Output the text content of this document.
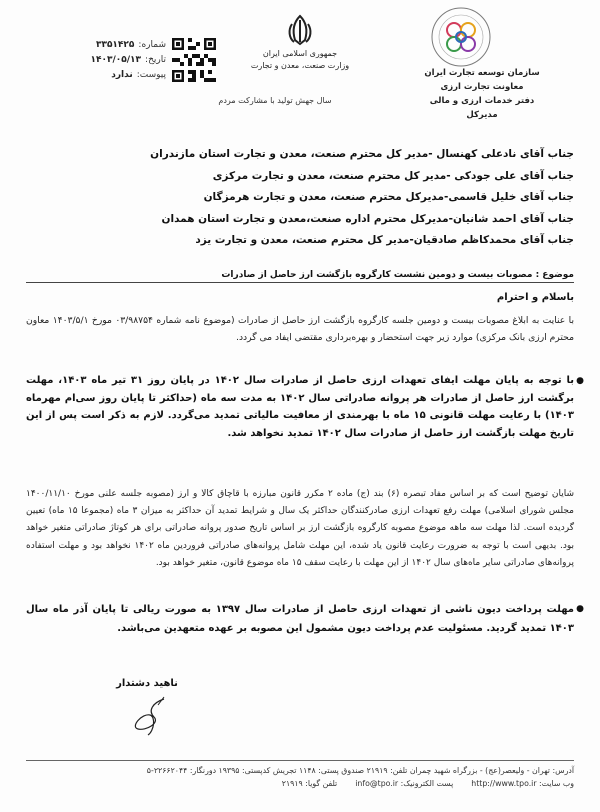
شماره:
۳۳۵۱۴۲۵
تاریخ:
۱۴۰۳/۰۵/۱۳
پیوست:
ندارد
جمهوری اسلامی ایران
وزارت صنعت، معدن و تجارت
سازمان توسعه تجارت ایران
معاونت تجارت ارزی
دفتر خدمات ارزی و مالی
مدیرکل
سال جهش تولید با مشارکت مردم
جناب آقای نادعلی کهنسال -مدیر کل محترم صنعت، معدن و تجارت استان مازندران
جناب آقای علی جودکی -مدیر کل محترم صنعت، معدن و تجارت مرکزی
جناب آقای خلیل قاسمی-مدیرکل محترم صنعت، معدن و تجارت هرمزگان
جناب آقای احمد شانیان-مدیرکل محترم اداره صنعت،معدن و تجارت استان همدان
جناب آقای محمدکاظم صادقیان-مدیر کل محترم صنعت، معدن و تجارت یزد
موضوع : مصوبات بیست و دومین نشست کارگروه بازگشت ارز حاصل از صادرات
باسلام و احترام
با عنایت به ابلاغ مصوبات بیست و دومین جلسه کارگروه بازگشت ارز حاصل از صادرات (موضوع نامه شماره ۰۳/۹۸۷۵۴ مورخ ۱۴۰۳/۵/۱ معاون محترم ارزی بانک مرکزی) موارد زیر جهت استحضار و بهره‌برداری مقتضی ایفاد می گردد.
●
با توجه به پایان مهلت ایفای تعهدات ارزی حاصل از صادرات سال ۱۴۰۲ در پایان روز ۳۱ تیر ماه ۱۴۰۳، مهلت برگشت ارز حاصل از صادرات هر پروانه صادراتی سال ۱۴۰۲ به مدت سه ماه (حداکثر تا پایان روز سی‌ام مهرماه ۱۴۰۳) با رعایت مهلت قانونی ۱۵ ماه با بهرمندی از معافیت مالیاتی تمدید می‌گردد. لازم به ذکر است پس از این تاریخ مهلت بازگشت ارز حاصل از صادرات سال ۱۴۰۲ تمدید نخواهد شد.
شایان توضیح است که بر اساس مفاد تبصره (۶) بند (ج) ماده ۲ مکرر قانون مبارزه با قاچاق کالا و ارز (مصوبه جلسه علنی مورخ ۱۴۰۰/۱۱/۱۰ مجلس شورای اسلامی) مهلت رفع تعهدات ارزی صادرکنندگان حداکثر یک سال و شرایط تمدید آن حداکثر به میزان ۳ ماه (مجموعا ۱۵ ماه) تعیین گردیده است. لذا مهلت سه ماهه موضوع مصوبه کارگروه بازگشت ارز بر اساس تاریخ صدور پروانه صادراتی برای هر کوتاژ صادراتی متغیر خواهد بود. بدیهی است با توجه به ضرورت رعایت قانون یاد شده، این مهلت شامل پروانه‌های صادراتی فروردین ماه ۱۴۰۲ نخواهد بود و مهلت استفاده پروانه‌های صادراتی سایر ماه‌های سال ۱۴۰۲ از این مهلت با رعایت سقف ۱۵ ماه موضوع قانون، متغیر خواهد بود.
●
مهلت پرداخت دیون ناشی از تعهدات ارزی حاصل از صادرات سال ۱۳۹۷ به صورت ریالی تا پایان آذر ماه سال ۱۴۰۳ تمدید گردید. مسئولیت عدم پرداخت دیون مشمول این مصوبه بر عهده متعهدین می‌باشد.
ناهید دشتدار
آدرس: تهران - ولیعصر(عج) - بزرگراه شهید چمران تلفن: ۲۱۹۱۹ صندوق پستی: ۱۱۴۸ تجریش کدپستی: ۱۹۳۹۵ دورنگار: ۲۲۶۶۲۰۴۴-۵
وب سایت: http://www.tpo.ir
پست الکترونیک: info@tpo.ir
تلفن گویا: ۲۱۹۱۹
